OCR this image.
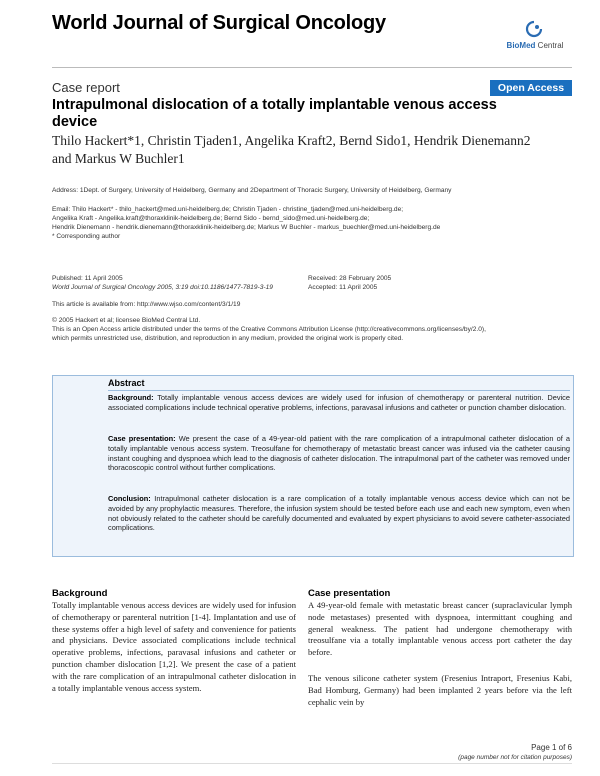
World Journal of Surgical Oncology
BioMed Central
Case report	Open Access
Intrapulmonal dislocation of a totally implantable venous access device
Thilo Hackert*1, Christin Tjaden1, Angelika Kraft2, Bernd Sido1, Hendrik Dienemann2 and Markus W Buchler1
Address: 1Dept. of Surgery, University of Heidelberg, Germany and 2Department of Thoracic Surgery, University of Heidelberg, Germany
Email: Thilo Hackert* - thilo_hackert@med.uni-heidelberg.de; Christin Tjaden - christine_tjaden@med.uni-heidelberg.de;
Angelika Kraft - Angelika.kraft@thoraxklinik-heidelberg.de; Bernd Sido - bernd_sido@med.uni-heidelberg.de;
Hendrik Dienemann - hendrik.dienemann@thoraxklinik-heidelberg.de; Markus W Buchler - markus_buechler@med.uni-heidelberg.de
* Corresponding author
Published: 11 April 2005
World Journal of Surgical Oncology 2005, 3:19 doi:10.1186/1477-7819-3-19
Received: 28 February 2005
Accepted: 11 April 2005
This article is available from: http://www.wjso.com/content/3/1/19
© 2005 Hackert et al; licensee BioMed Central Ltd.
This is an Open Access article distributed under the terms of the Creative Commons Attribution License (http://creativecommons.org/licenses/by/2.0),
which permits unrestricted use, distribution, and reproduction in any medium, provided the original work is properly cited.
Abstract
Background: Totally implantable venous access devices are widely used for infusion of chemotherapy or parenteral nutrition. Device associated complications include technical operative problems, infections, paravasal infusions and catheter or punction chamber dislocation.
Case presentation: We present the case of a 49-year-old patient with the rare complication of a intrapulmonal catheter dislocation of a totally implantable venous access system. Treosulfane for chemotherapy of metastatic breast cancer was infused via the catheter causing instant coughing and dyspnoea which lead to the diagnosis of catheter dislocation. The intrapulmonal part of the catheter was removed under thoracoscopic control without further complications.
Conclusion: Intrapulmonal catheter dislocation is a rare complication of a totally implantable venous access device which can not be avoided by any prophylactic measures. Therefore, the infusion system should be tested before each use and each new symptom, even when not obviously related to the catheter should be carefully documented and evaluated by expert physicians to avoid severe catheter-associated complications.
Background
Totally implantable venous access devices are widely used for infusion of chemotherapy or parenteral nutrition [1-4]. Implantation and use of these systems offer a high level of safety and convenience for patients and physicians. Device associated complications include technical operative problems, infections, paravasal infusions and catheter or punction chamber dislocation [1,2]. We present the case of a patient with the rare complication of an intrapulmonal catheter dislocation in a totally implantable venous access system.
Case presentation
A 49-year-old female with metastatic breast cancer (supraclavicular lymph node metastases) presented with dyspnoea, intermittant coughing and general weakness. The patient had undergone chemotherapy with treosulfane via a totally implantable venous access port catheter the day before.
The venous silicone catheter system (Fresenius Intraport, Fresenius Kabi, Bad Homburg, Germany) had been implanted 2 years before via the left cephalic vein by
Page 1 of 6
(page number not for citation purposes)
